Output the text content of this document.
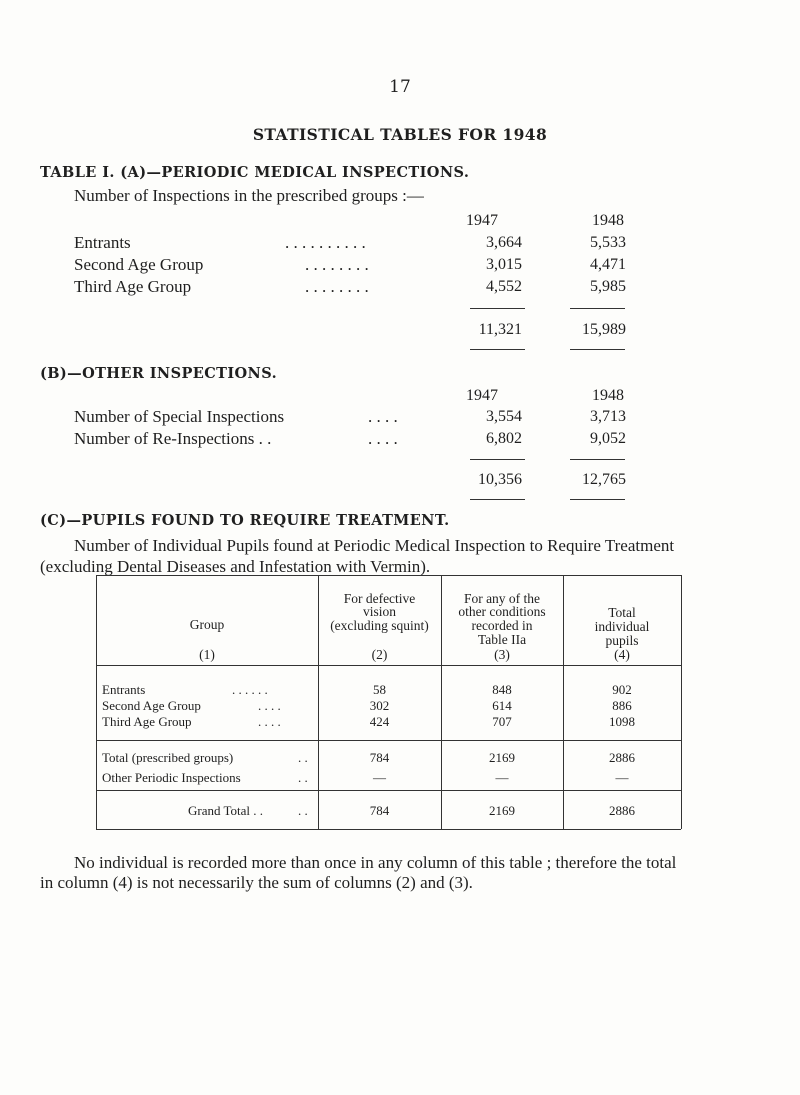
17
STATISTICAL TABLES FOR 1948
TABLE I. (A)—PERIODIC MEDICAL INSPECTIONS.
Number of Inspections in the prescribed groups :—
1947	1948
Entrants	. . . . . . . . . .	3,664	5,533
Second Age Group	. . . . . . . .	3,015	4,471
Third Age Group	. . . . . . . .	4,552	5,985
11,321	15,989
(B)—OTHER INSPECTIONS.
1947	1948
Number of Special Inspections	. . . .	3,554	3,713
Number of Re-Inspections . .	. . . .	6,802	9,052
10,356	12,765
(C)—PUPILS FOUND TO REQUIRE TREATMENT.
Number of Individual Pupils found at Periodic Medical Inspection to Require Treatment
(excluding Dental Diseases and Infestation with Vermin).
Group
(1)
For defective
vision
(excluding squint)
(2)
For any of the
other conditions
recorded in
Table IIa
(3)
Total
individual
pupils
(4)
Entrants	. . . . . .	58	848	902
Second Age Group	. . . .	302	614	886
Third Age Group	. . . .	424	707	1098
Total (prescribed groups)	. .	784	2169	2886
Other Periodic Inspections	. .	—	—	—
Grand Total . .	. .	784	2169	2886
No individual is recorded more than once in any column of this table ; therefore the total
in column (4) is not necessarily the sum of columns (2) and (3).
